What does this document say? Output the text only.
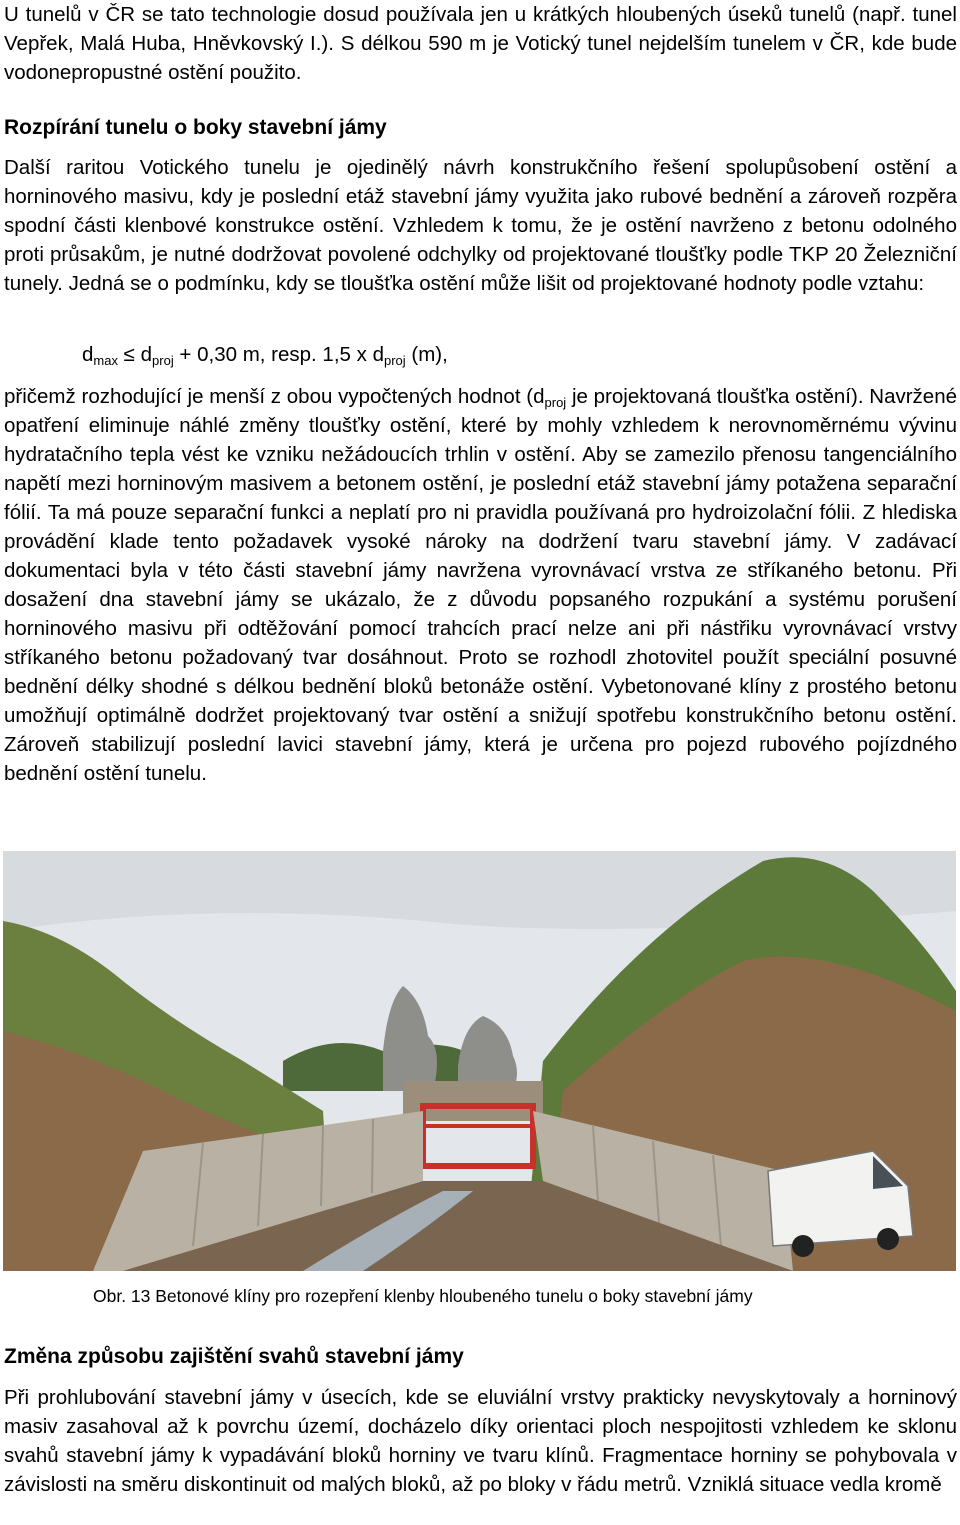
U tunelů v ČR se tato technologie dosud používala jen u krátkých hloubených úseků tunelů (např. tunel Vepřek, Malá Huba, Hněvkovský I.). S délkou 590 m je Votický tunel nejdelším tunelem v ČR, kde bude vodonepropustné ostění použito.

Rozpírání tunelu o boky stavební jámy

Další raritou Votického tunelu je ojedinělý návrh konstrukčního řešení spolupůsobení ostění a horninového masivu, kdy je poslední etáž stavební jámy využita jako rubové bednění a zároveň rozpěra spodní části klenbové konstrukce ostění. Vzhledem k tomu, že je ostění navrženo z betonu odolného proti průsakům, je nutné dodržovat povolené odchylky od projektované tloušťky podle TKP 20 Železniční tunely. Jedná se o podmínku, kdy se tloušťka ostění může lišit od projektované hodnoty podle vztahu:

$d_{max} \le d_{proj} + 0,30$ m, resp. 1,5 x $d_{proj}$ (m),

přičemž rozhodující je menší z obou vypočtených hodnot ($d_{proj}$ je projektovaná tloušťka ostění). Navržené opatření eliminuje náhlé změny tloušťky ostění, které by mohly vzhledem k nerovnoměrnému vývinu hydratačního tepla vést ke vzniku nežádoucích trhlin v ostění. Aby se zamezilo přenosu tangenciálního napětí mezi horninovým masivem a betonem ostění, je poslední etáž stavební jámy potažena separační fólií. Ta má pouze separační funkci a neplatí pro ni pravidla používaná pro hydroizolační fólii. Z hlediska provádění klade tento požadavek vysoké nároky na dodržení tvaru stavební jámy. V zadávací dokumentaci byla v této části stavební jámy navržena vyrovnávací vrstva ze stříkaného betonu. Při dosažení dna stavební jámy se ukázalo, že z důvodu popsaného rozpukání a systému porušení horninového masivu při odtěžování pomocí trahcích prací nelze ani při nástřiku vyrovnávací vrstvy stříkaného betonu požadovaný tvar dosáhnout. Proto se rozhodl zhotovitel použít speciální posuvné bednění délky shodné s délkou bednění bloků betonáže ostění. Vybetonované klíny z prostého betonu umožňují optimálně dodržet projektovaný tvar ostění a snižují spotřebu konstrukčního betonu ostění. Zároveň stabilizují poslední lavici stavební jámy, která je určena pro pojezd rubového pojízdného bednění ostění tunelu.

Obr. 13 Betonové klíny pro rozepření klenby hloubeného tunelu o boky stavební jámy
Změna způsobu zajištění svahů stavební jámy

Při prohlubování stavební jámy v úsecích, kde se eluviální vrstvy prakticky nevyskytovaly a horninový masiv zasahoval až k povrchu území, docházelo díky orientaci ploch nespojitosti vzhledem ke sklonu svahů stavební jámy k vypadávání bloků horniny ve tvaru klínů. Fragmentace horniny se pohybovala v závislosti na směru diskontinuit od malých bloků, až po bloky v řádu metrů. Vzniklá situace vedla kromě
